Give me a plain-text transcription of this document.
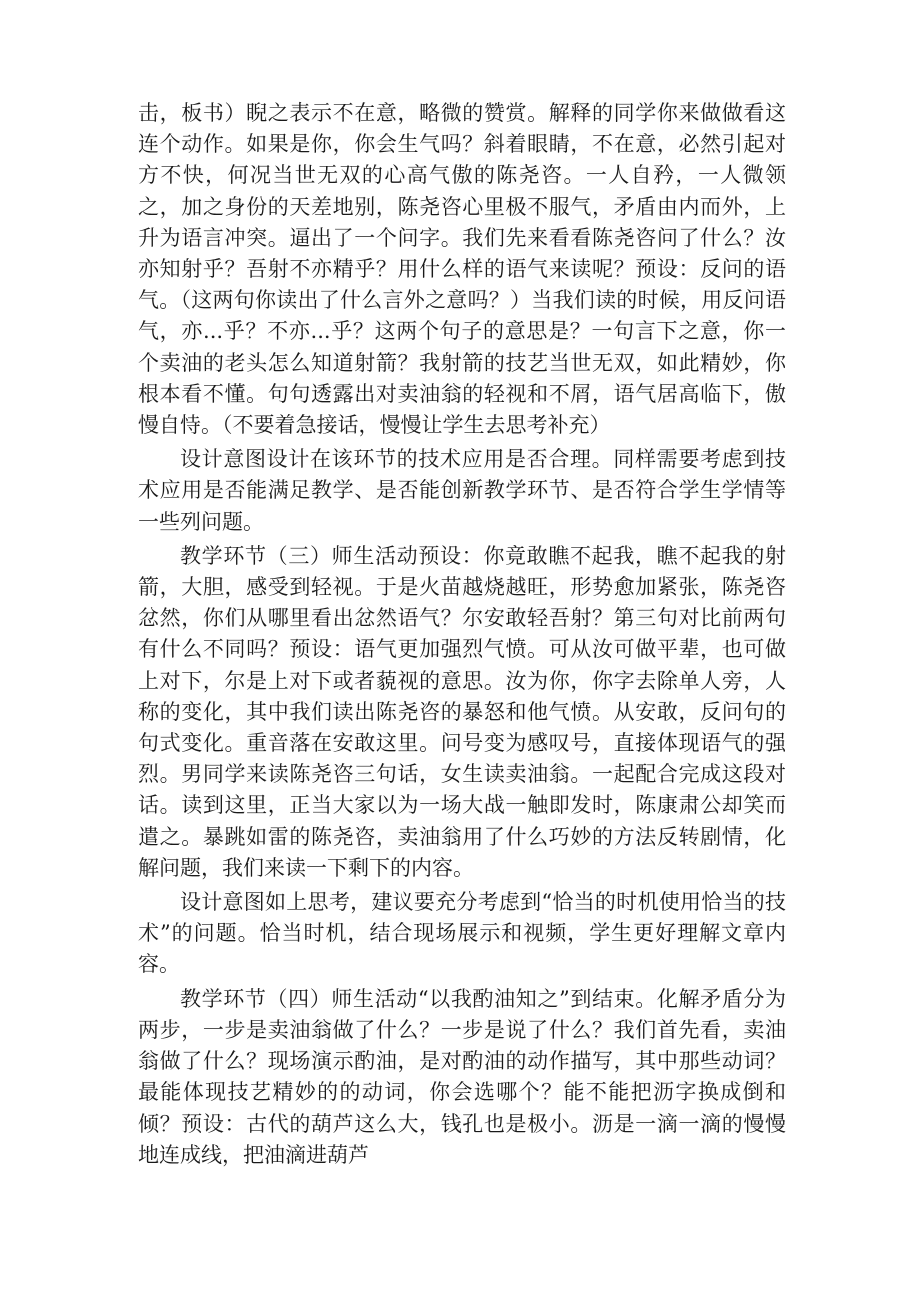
击，板书）睨之表示不在意，略微的赞赏。解释的同学你来做做看这连个动作。如果是你，你会生气吗？斜着眼睛，不在意，必然引起对方不快，何况当世无双的心高气傲的陈尧咨。一人自矜，一人微领之，加之身份的天差地别，陈尧咨心里极不服气，矛盾由内而外，上升为语言冲突。逼出了一个问字。我们先来看看陈尧咨问了什么？汝亦知射乎？吾射不亦精乎？用什么样的语气来读呢？预设：反问的语气。（这两句你读出了什么言外之意吗？）当我们读的时候，用反问语气，亦...乎？不亦...乎？这两个句子的意思是？一句言下之意，你一个卖油的老头怎么知道射箭？我射箭的技艺当世无双，如此精妙，你根本看不懂。句句透露出对卖油翁的轻视和不屑，语气居高临下，傲慢自恃。（不要着急接话，慢慢让学生去思考补充）

设计意图设计在该环节的技术应用是否合理。同样需要考虑到技术应用是否能满足教学、是否能创新教学环节、是否符合学生学情等一些列问题。

教学环节（三）师生活动预设：你竟敢瞧不起我，瞧不起我的射箭，大胆，感受到轻视。于是火苗越烧越旺，形势愈加紧张，陈尧咨忿然，你们从哪里看出忿然语气？尔安敢轻吾射？第三句对比前两句有什么不同吗？预设：语气更加强烈气愤。可从汝可做平辈，也可做上对下，尔是上对下或者藐视的意思。汝为你，你字去除单人旁，人称的变化，其中我们读出陈尧咨的暴怒和他气愤。从安敢，反问句的句式变化。重音落在安敢这里。问号变为感叹号，直接体现语气的强烈。男同学来读陈尧咨三句话，女生读卖油翁。一起配合完成这段对话。读到这里，正当大家以为一场大战一触即发时，陈康肃公却笑而遣之。暴跳如雷的陈尧咨，卖油翁用了什么巧妙的方法反转剧情，化解问题，我们来读一下剩下的内容。

设计意图如上思考，建议要充分考虑到“恰当的时机使用恰当的技术”的问题。恰当时机，结合现场展示和视频，学生更好理解文章内容。

教学环节（四）师生活动“以我酌油知之”到结束。化解矛盾分为两步，一步是卖油翁做了什么？一步是说了什么？我们首先看，卖油翁做了什么？现场演示酌油，是对酌油的动作描写，其中那些动词？最能体现技艺精妙的的动词，你会选哪个？能不能把沥字换成倒和倾？预设：古代的葫芦这么大，钱孔也是极小。沥是一滴一滴的慢慢地连成线，把油滴进葫芦
